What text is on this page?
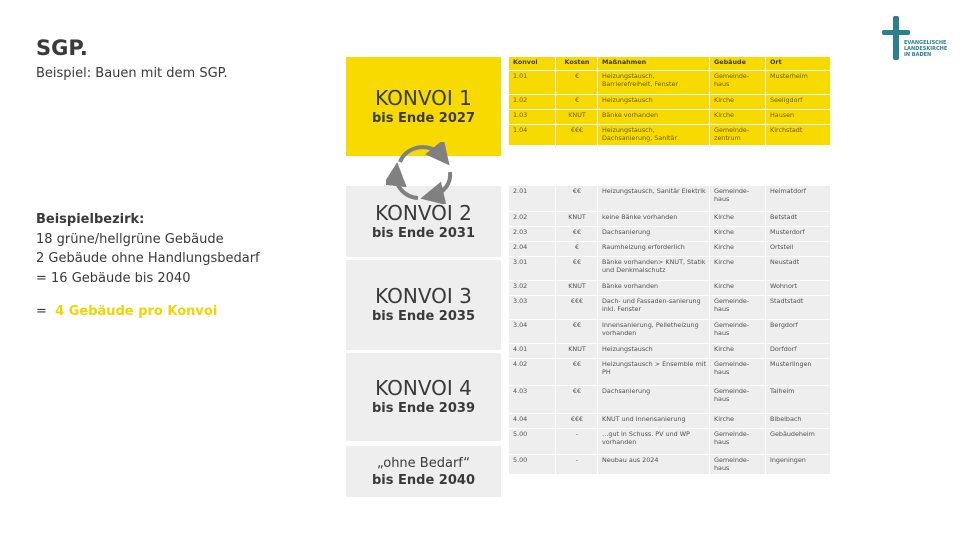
SGP.
Beispiel: Bauen mit dem SGP.
Beispielbezirk:
18 grüne/hellgrüne Gebäude
2 Gebäude ohne Handlungsbedarf
= 16 Gebäude bis 2040
=  4 Gebäude pro Konvoi
EVANGELISCHE
LANDESKIRCHE
IN BADEN
KONVOI 1
bis Ende 2027
KONVOI 2
bis Ende 2031
KONVOI 3
bis Ende 2035
KONVOI 4
bis Ende 2039
„ohne Bedarf“
bis Ende 2040
Konvoi	Kosten	Maßnahmen	Gebäude	Ort
1.01	€	Heizungstausch, Barrierefreiheit, Fenster	Gemeinde-haus	Musterheim
1.02	€	Heizungstausch	Kirche	Seeligdorf
1.03	KNUT	Bänke vorhanden	Kirche	Hausen
1.04	€€€	Heizungstausch, Dachsanierung, Sanitär	Gemeinde-zentrum	Kirchstadt
2.01	€€	Heizungstausch, Sanitär Elektrik	Gemeinde-haus	Heimatdorf
2.02	KNUT	keine Bänke vorhanden	Kirche	Betstadt
2.03	€€	Dachsanierung	Kirche	Musterdorf
2.04	€	Raumheizung erforderlich	Kirche	Ortsteil
3.01	€€	Bänke vorhanden> KNUT, Statik und Denkmalschutz	Kirche	Neustadt
3.02	KNUT	Bänke vorhanden	Kirche	Wohnort
3.03	€€€	Dach- und Fassaden-sanierung inkl. Fenster	Gemeinde-haus	Stadtstadt
3.04	€€	Innensanierung, Pelletheizung vorhanden	Gemeinde-haus	Bergdorf
4.01	KNUT	Heizungstausch	Kirche	Dorfdorf
4.02	€€	Heizungstausch > Ensemble mit PH	Gemeinde-haus	Musterlingen
4.03	€€	Dachsanierung	Gemeinde-haus	Talheim
4.04	€€€	KNUT und Innensanierung	Kirche	Bibelbach
5.00	-	…gut in Schuss. PV und WP vorhanden	Gemeinde-haus	Gebäudeheim
5.00	-	Neubau aus 2024	Gemeinde-haus	Ingeningen
